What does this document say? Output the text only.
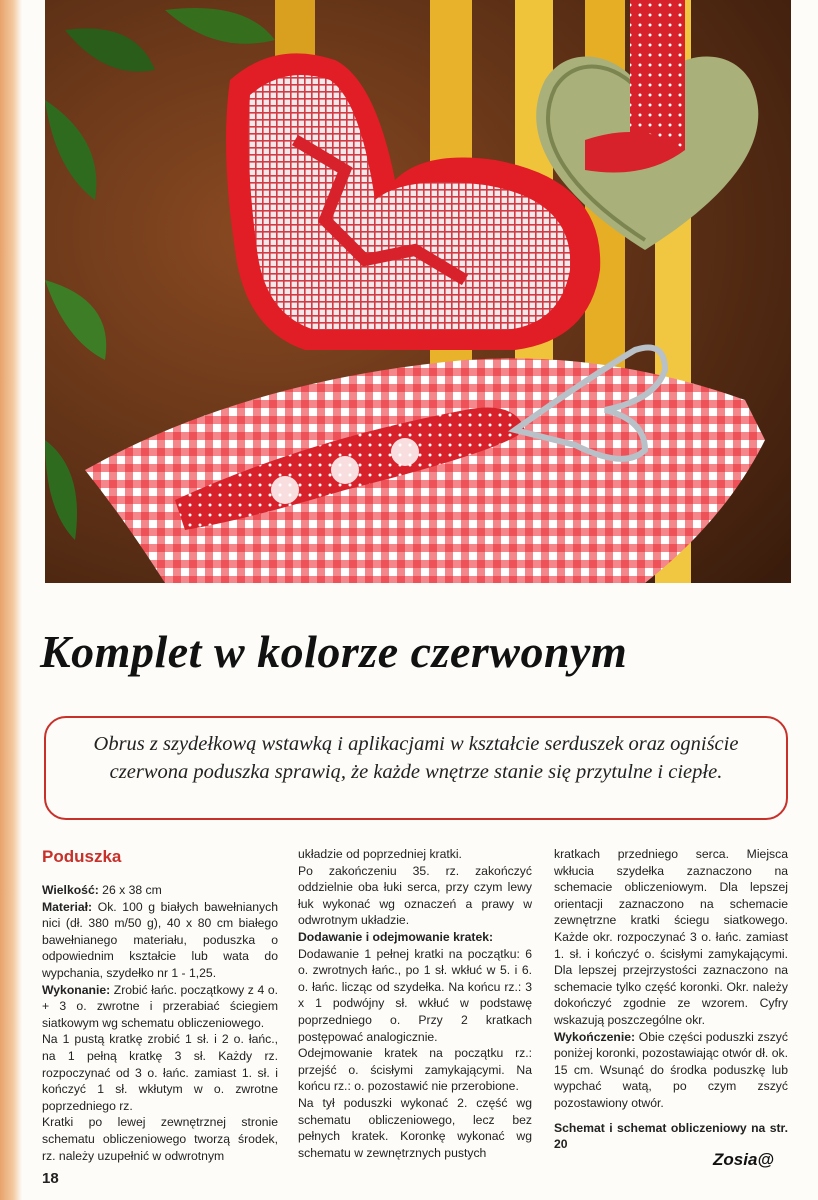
Komplet w kolorze czerwonym

Obrus z szydełkową wstawką i aplikacjami w kształcie serduszek oraz ogniście czerwona poduszka sprawią, że każde wnętrze stanie się przytulne i ciepłe.

Poduszka

Wielkość: 26 x 38 cm

Materiał: Ok. 100 g białych bawełnianych nici (dł. 380 m/50 g), 40 x 80 cm białego bawełnianego materiału, poduszka o odpowiednim kształcie lub wata do wypchania, szydełko nr 1 - 1,25.

Wykonanie: Zrobić łańc. początkowy z 4 o. + 3 o. zwrotne i przerabiać ściegiem siatkowym wg schematu obliczeniowego.

Na 1 pustą kratkę zrobić 1 sł. i 2 o. łańc., na 1 pełną kratkę 3 sł. Każdy rz. rozpoczynać od 3 o. łańc. zamiast 1. sł. i kończyć 1 sł. wkłutym w o. zwrotne poprzedniego rz.

Kratki po lewej zewnętrznej stronie schematu obliczeniowego tworzą środek, rz. należy uzupełnić w odwrotnym

układzie od poprzedniej kratki.

Po zakończeniu 35. rz. zakończyć oddzielnie oba łuki serca, przy czym lewy łuk wykonać wg oznaczeń a prawy w odwrotnym układzie.

Dodawanie i odejmowanie kratek:

Dodawanie 1 pełnej kratki na początku: 6 o. zwrotnych łańc., po 1 sł. wkłuć w 5. i 6. o. łańc. licząc od szydełka. Na końcu rz.: 3 x 1 podwójny sł. wkłuć w podstawę poprzedniego o. Przy 2 kratkach postępować analogicznie.

Odejmowanie kratek na początku rz.: przejść o. ścisłymi zamykającymi. Na końcu rz.: o. pozostawić nie przerobione.

Na tył poduszki wykonać 2. część wg schematu obliczeniowego, lecz bez pełnych kratek. Koronkę wykonać wg schematu w zewnętrznych pustych

kratkach przedniego serca. Miejsca wkłucia szydełka zaznaczono na schemacie obliczeniowym. Dla lepszej orientacji zaznaczono na schemacie zewnętrzne kratki ściegu siatkowego. Każde okr. rozpoczynać 3 o. łańc. zamiast 1. sł. i kończyć o. ścisłymi zamykającymi. Dla lepszej przejrzystości zaznaczono na schemacie tylko część koronki. Okr. należy dokończyć zgodnie ze wzorem. Cyfry wskazują poszczególne okr.

Wykończenie: Obie części poduszki zszyć poniżej koronki, pozostawiając otwór dł. ok. 15 cm. Wsunąć do środka poduszkę lub wypchać watą, po czym zszyć pozostawiony otwór.

Schemat i schemat obliczeniowy na str. 20

18
Zosia@
